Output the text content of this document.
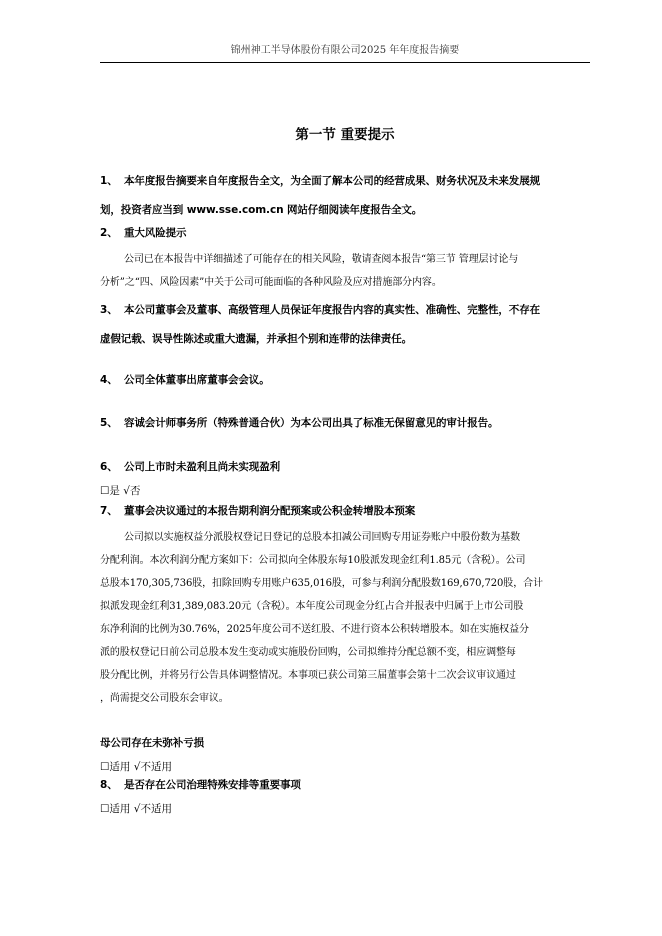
锦州神工半导体股份有限公司2025 年年度报告摘要
第一节 重要提示
1、 本年度报告摘要来自年度报告全文，为全面了解本公司的经营成果、财务状况及未来发展规
划，投资者应当到 www.sse.com.cn 网站仔细阅读年度报告全文。
2、 重大风险提示
公司已在本报告中详细描述了可能存在的相关风险，敬请查阅本报告“第三节 管理层讨论与
分析”之“四、风险因素”中关于公司可能面临的各种风险及应对措施部分内容。
3、 本公司董事会及董事、高级管理人员保证年度报告内容的真实性、准确性、完整性，不存在
虚假记载、误导性陈述或重大遗漏，并承担个别和连带的法律责任。
4、 公司全体董事出席董事会会议。
5、 容诚会计师事务所（特殊普通合伙）为本公司出具了标准无保留意见的审计报告。
6、 公司上市时未盈利且尚未实现盈利
☐是 √否
7、 董事会决议通过的本报告期利润分配预案或公积金转增股本预案
公司拟以实施权益分派股权登记日登记的总股本扣减公司回购专用证券账户中股份数为基数
分配利润。本次利润分配方案如下：公司拟向全体股东每10股派发现金红利1.85元（含税）。公司
总股本170,305,736股，扣除回购专用账户635,016股，可参与利润分配股数169,670,720股，合计
拟派发现金红利31,389,083.20元（含税）。本年度公司现金分红占合并报表中归属于上市公司股
东净利润的比例为30.76%，2025年度公司不送红股、不进行资本公积转增股本。如在实施权益分
派的股权登记日前公司总股本发生变动或实施股份回购，公司拟维持分配总额不变，相应调整每
股分配比例，并将另行公告具体调整情况。本事项已获公司第三届董事会第十二次会议审议通过
，尚需提交公司股东会审议。
母公司存在未弥补亏损
☐适用 √不适用
8、 是否存在公司治理特殊安排等重要事项
☐适用 √不适用
